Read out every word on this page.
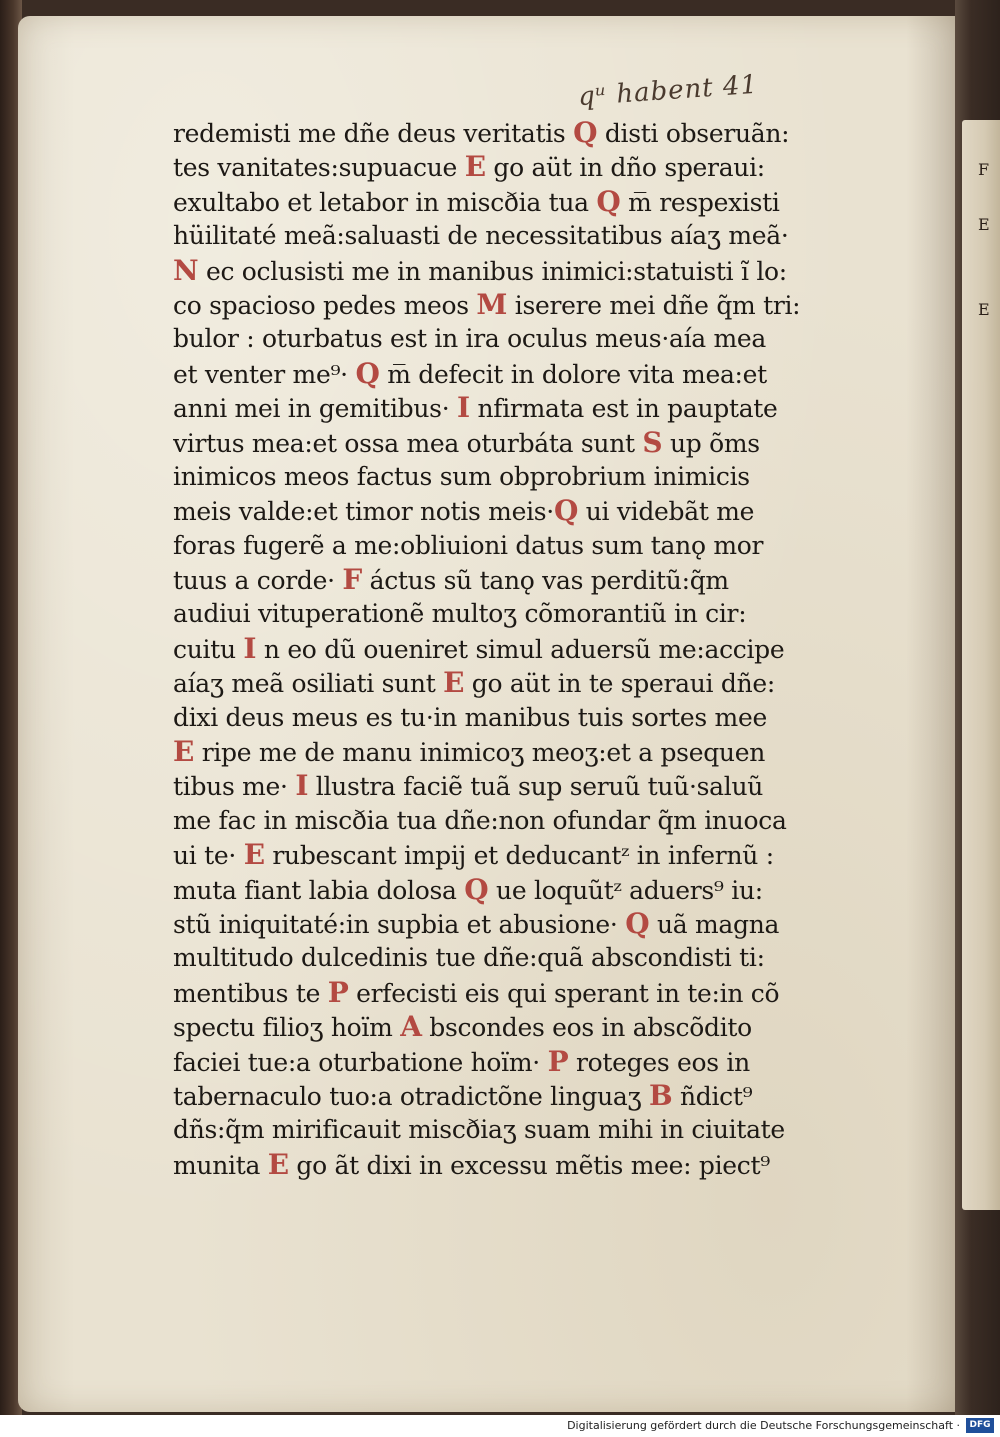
qᵘ habent 41
redemisti me dñe deus veritatis Q disti obseruãn:
tes vanitates:supuacue E go aüt in dño speraui:
exultabo et letabor in miscðia tua Q m̅ respexisti
hüilitaté meã:saluasti de necessitatibus aíaʒ meã·
N ec oclusisti me in manibus inimici:statuisti ĩ lo:
co spacioso pedes meos M iserere mei dñe q̃m tri:
bulor : oturbatus est in ira oculus meus·aía mea
et venter me⁹· Q m̅ defecit in dolore vita mea:et
anni mei in gemitibus· I nfirmata est in pauptate
virtus mea:et ossa mea oturbáta sunt S up õms
inimicos meos factus sum obprobrium inimicis
meis valde:et timor notis meis·Q ui videbãt me
foras fugerẽ a me:obliuioni datus sum tanǫ mor
tuus a corde· F áctus sũ tanǫ vas perditũ:q̃m
audiui vituperationẽ multoʒ cõmorantiũ in cir:
cuitu I n eo dũ oueniret simul aduersũ me:accipe
aíaʒ meã osiliati sunt E go aüt in te speraui dñe:
dixi deus meus es tu·in manibus tuis sortes mee
E ripe me de manu inimicoʒ meoʒ:et a psequen
tibus me· I llustra faciẽ tuã sup seruũ tuũ·saluũ
me fac in miscðia tua dñe:non ofundar q̃m inuoca
ui te· E rubescant impij et deducantᶻ in infernũ :
muta fiant labia dolosa Q ue loquũtᶻ aduers⁹ iu:
stũ iniquitaté:in supbia et abusione· Q uã magna
multitudo dulcedinis tue dñe:quã abscondisti ti:
mentibus te P erfecisti eis qui sperant in te:in cõ
spectu filioʒ hoïm A bscondes eos in abscõdito
faciei tue:a oturbatione hoïm· P roteges eos in
tabernaculo tuo:a otradictõne linguaʒ B ñdict⁹
dñs:q̃m mirificauit miscðiaʒ suam mihi in ciuitate
munita E go ãt dixi in excessu mẽtis mee: piect⁹
F
E
E
Digitalisierung gefördert durch die Deutsche Forschungsgemeinschaft ·	DFG
